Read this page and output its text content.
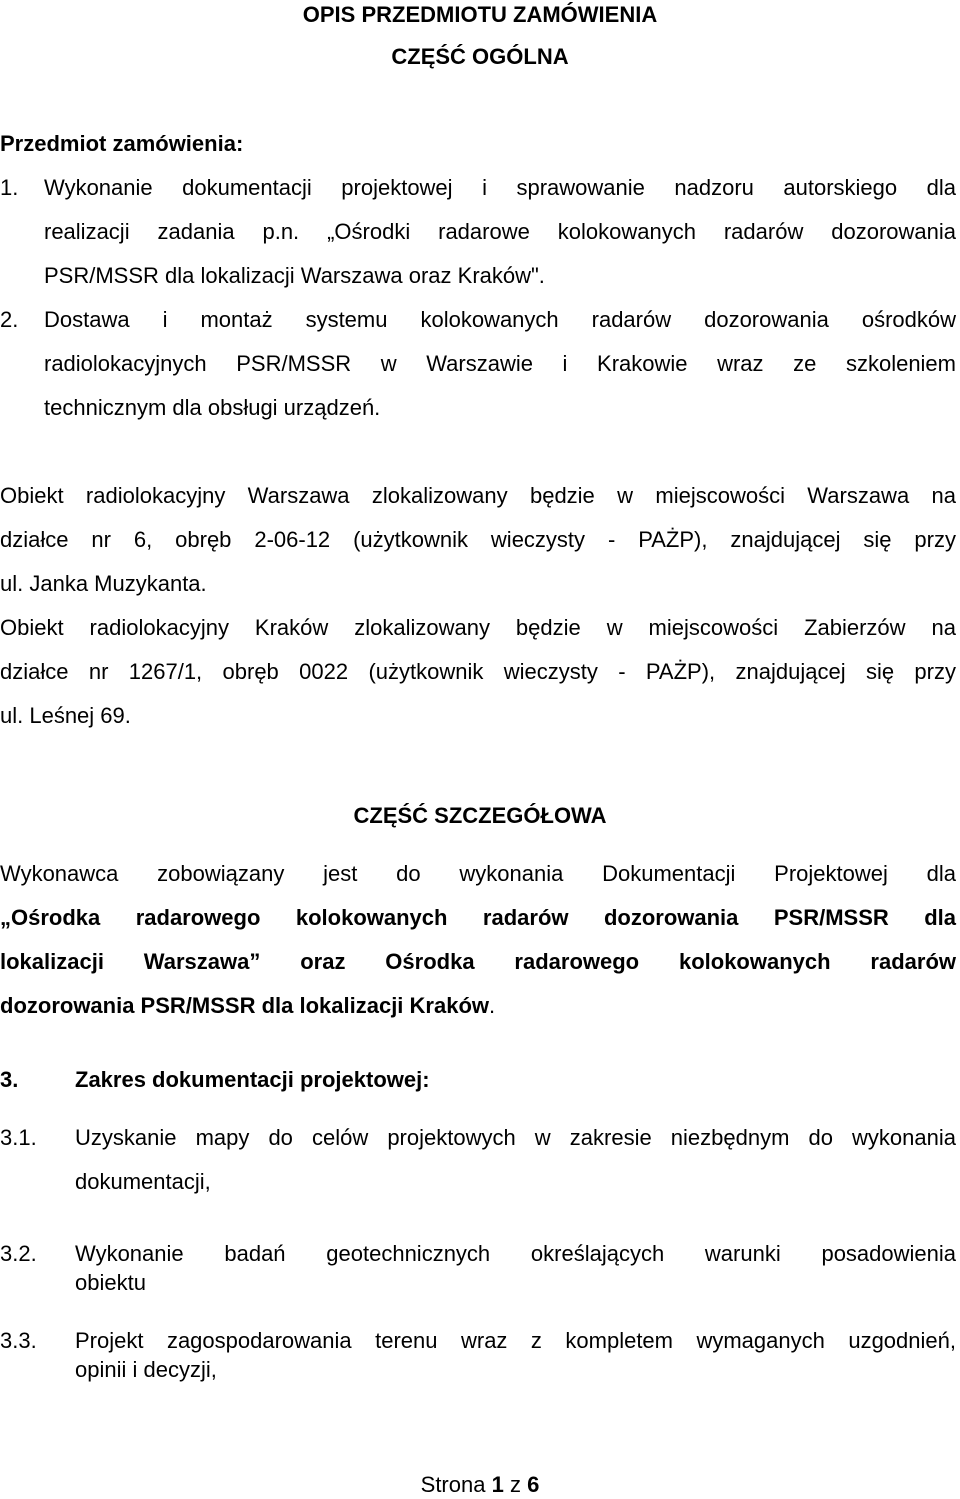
OPIS PRZEDMIOTU ZAMÓWIENIA
CZĘŚĆ OGÓLNA
Przedmiot zamówienia:
1. Wykonanie dokumentacji projektowej i sprawowanie nadzoru autorskiego dla
realizacji zadania p.n. „Ośrodki radarowe kolokowanych radarów dozorowania
PSR/MSSR dla lokalizacji Warszawa oraz Kraków".
2. Dostawa i montaż systemu kolokowanych radarów dozorowania ośrodków
radiolokacyjnych PSR/MSSR w Warszawie i Krakowie wraz ze szkoleniem
technicznym dla obsługi urządzeń.
Obiekt radiolokacyjny Warszawa zlokalizowany będzie w miejscowości Warszawa na
działce nr 6, obręb 2-06-12 (użytkownik wieczysty - PAŻP), znajdującej się przy
ul. Janka Muzykanta.
Obiekt radiolokacyjny Kraków zlokalizowany będzie w miejscowości Zabierzów na
działce nr 1267/1, obręb 0022 (użytkownik wieczysty - PAŻP), znajdującej się przy
ul. Leśnej 69.
CZĘŚĆ SZCZEGÓŁOWA
Wykonawca zobowiązany jest do wykonania Dokumentacji Projektowej dla
„Ośrodka radarowego kolokowanych radarów dozorowania PSR/MSSR dla
lokalizacji Warszawa” oraz Ośrodka radarowego kolokowanych radarów
dozorowania PSR/MSSR dla lokalizacji Kraków.
3.	Zakres dokumentacji projektowej:
3.1. Uzyskanie mapy do celów projektowych w zakresie niezbędnym do wykonania
dokumentacji,
3.2. Wykonanie badań geotechnicznych określających warunki posadowienia
obiektu
3.3. Projekt zagospodarowania terenu wraz z kompletem wymaganych uzgodnień,
opinii i decyzji,
Strona 1 z 6
